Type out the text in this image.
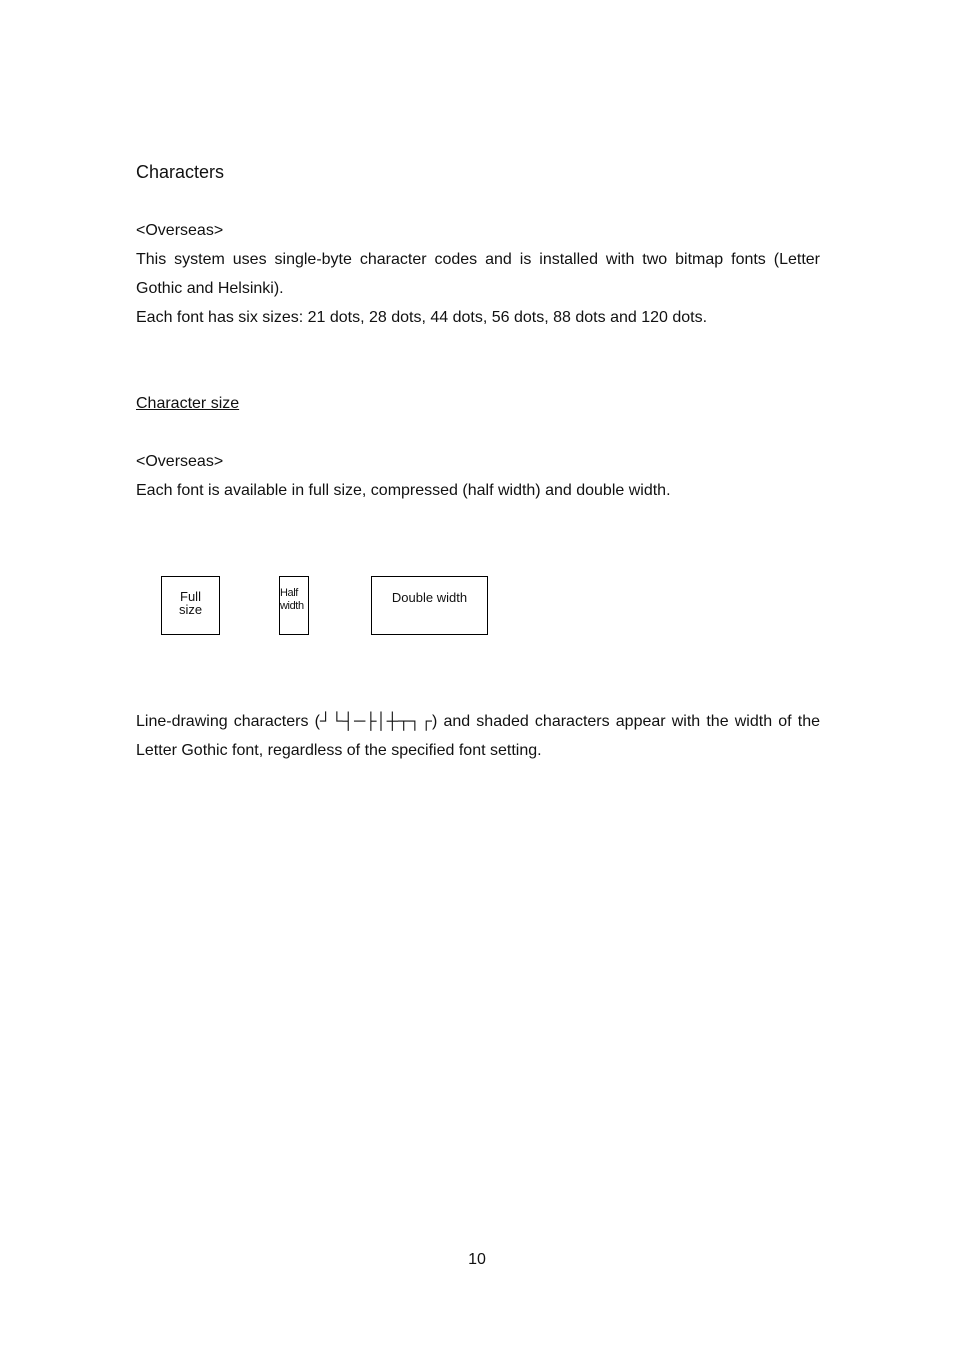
Characters

<Overseas>

This system uses single-byte character codes and is installed with two bitmap fonts (Letter Gothic and Helsinki).

Each font has six sizes: 21 dots, 28 dots, 44 dots, 56 dots, 88 dots and 120 dots.

Character size

<Overseas>

Each font is available in full size, compressed (half width) and double width.

Full size
Half width
Double width

Line-drawing characters (┘└┤─├│┼┬┐┌) and shaded characters appear with the width of the Letter Gothic font, regardless of the specified font setting.

10
